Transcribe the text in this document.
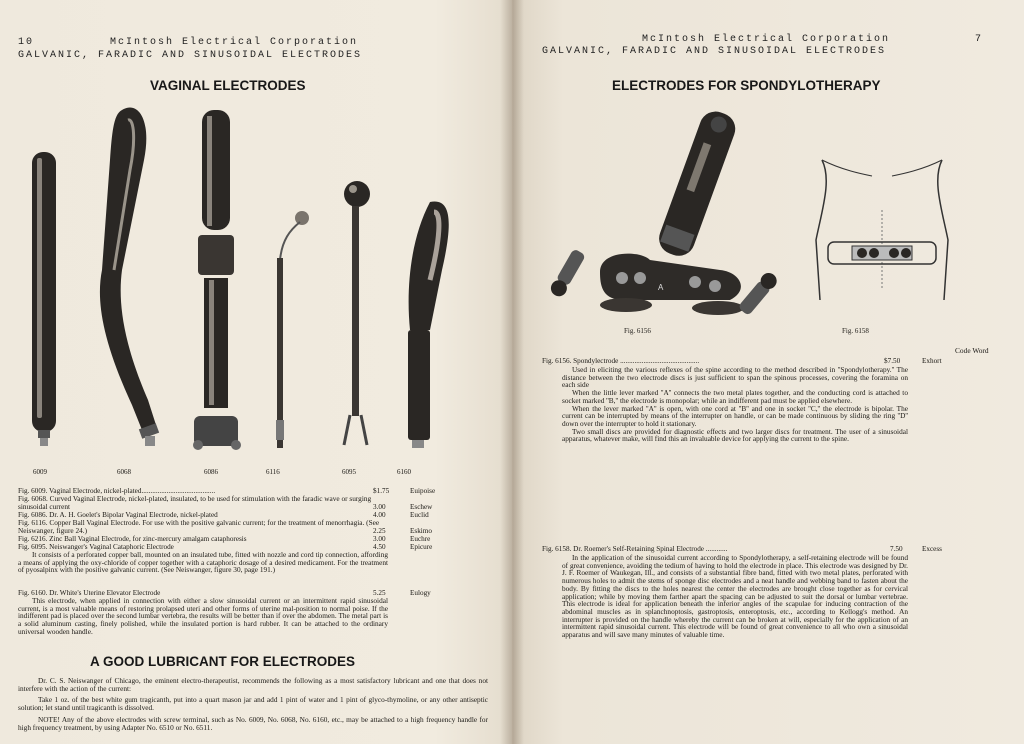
10	McIntosh Electrical Corporation
GALVANIC, FARADIC AND SINUSOIDAL ELECTRODES
VAGINAL ELECTRODES
6009	6068	6086	6116	6095	6160
Fig. 6009. Vaginal Electrode, nickel-plated.........................................	$1.75	Euipoise
Fig. 6068. Curved Vaginal Electrode, nickel-plated, insulated, to be used for stimulation with the faradic wave or surging sinusoidal current	3.00	Eschew
Fig. 6086. Dr. A. H. Goelet's Bipolar Vaginal Electrode, nickel-plated	4.00	Euclid
Fig. 6116. Copper Ball Vaginal Electrode. For use with the positive galvanic current; for the treatment of menorrhagia. (See Neiswanger, figure 24.)	2.25	Eskimo
Fig. 6216. Zinc Ball Vaginal Electrode, for zinc-mercury amalgam cataphoresis	3.00	Euchre
Fig. 6095. Neiswanger's Vaginal Cataphoric Electrode	4.50	Epicure
It consists of a perforated copper ball, mounted on an insulated tube, fitted with nozzle and cord tip connection, affording a means of applying the oxy-chloride of copper together with a cataphoric dosage of a desired medicament. For the treatment of pyosalpinx with the positive galvanic current. (See Neiswanger, figure 30, page 191.)
Fig. 6160. Dr. White's Uterine Elevator Electrode	5.25	Eulogy
This electrode, when applied in connection with either a slow sinusoidal current or an intermittent rapid sinusoidal current, is a most valuable means of restoring prolapsed uteri and other forms of uterine mal-position to normal poise. If the indifferent pad is placed over the second lumbar vertebra, the results will be better than if over the abdomen. The metal part is a solid aluminum casting, finely polished, while the insulated portion is hard rubber. It can be attached to the ordinary universal wooden handle.
A GOOD LUBRICANT FOR ELECTRODES
Dr. C. S. Neiswanger of Chicago, the eminent electro-therapeutist, recommends the following as a most satisfactory lubricant and one that does not interfere with the action of the current:
Take 1 oz. of the best white gum tragicanth, put into a quart mason jar and add 1 pint of water and 1 pint of glyco-thymoline, or any other antiseptic solution; let stand until tragicanth is dissolved.
NOTE! Any of the above electrodes with screw terminal, such as No. 6009, No. 6068, No. 6160, etc., may be attached to a high frequency handle for high frequency treatment, by using Adapter No. 6510 or No. 6511.
McIntosh Electrical Corporation	7
GALVANIC, FARADIC AND SINUSOIDAL ELECTRODES
ELECTRODES FOR SPONDYLOTHERAPY
A
Fig. 6156	Fig. 6158
Code Word
Fig. 6156. Spondylectrode ............................................	$7.50	Exhort

Used in eliciting the various reflexes of the spine according to the method described in ''Spondylotherapy.'' The distance between the two electrode discs is just sufficient to span the spinous processes, covering the foramina on each side

When the little lever marked ''A'' connects the two metal plates together, and the conducting cord is attached to socket marked ''B,'' the electrode is monopolar; while an indifferent pad must be applied elsewhere.

When the lever marked ''A'' is open, with one cord at ''B'' and one in socket ''C,'' the electrode is bipolar. The current can be interrupted by means of the interrupter on handle, or can be made continuous by sliding the ring ''D'' down over the interrupter to hold it stationary.

Two small discs are provided for diagnostic effects and two larger discs for treatment. The user of a sinusoidal apparatus, whatever make, will find this an invaluable device for applying the current to the spine.

Fig. 6158. Dr. Roemer's Self-Retaining Spinal Electrode ............	7.50	Excess

In the application of the sinusoidal current according to Spondylotherapy, a self-retaining electrode will be found of great convenience, avoiding the tedium of having to hold the electrode in place. This electrode was designed by Dr. J. F. Roemer of Waukegan, Ill., and consists of a substantial fibre band, fitted with two metal plates, perforated with numerous holes to admit the stems of sponge disc electrodes and a neat handle and webbing band to fasten about the body. By fitting the discs to the holes nearest the center the electrodes are brought close together as for cervical application; while by moving them farther apart the spacing can be adjusted to suit the dorsal or lumbar vertebrae. This electrode is ideal for application beneath the inferior angles of the scapulae for inducing contraction of the abdominal muscles as in splanchnoptosis, gastroptosis, enteroptosis, etc., according to Kellogg's method. An interrupter is provided on the handle whereby the current can be broken at will, especially for the application of an intermittent rapid sinusoidal current. This electrode will be found of great convenience to all who own a sinusoidal apparatus and will save many minutes of valuable time.
